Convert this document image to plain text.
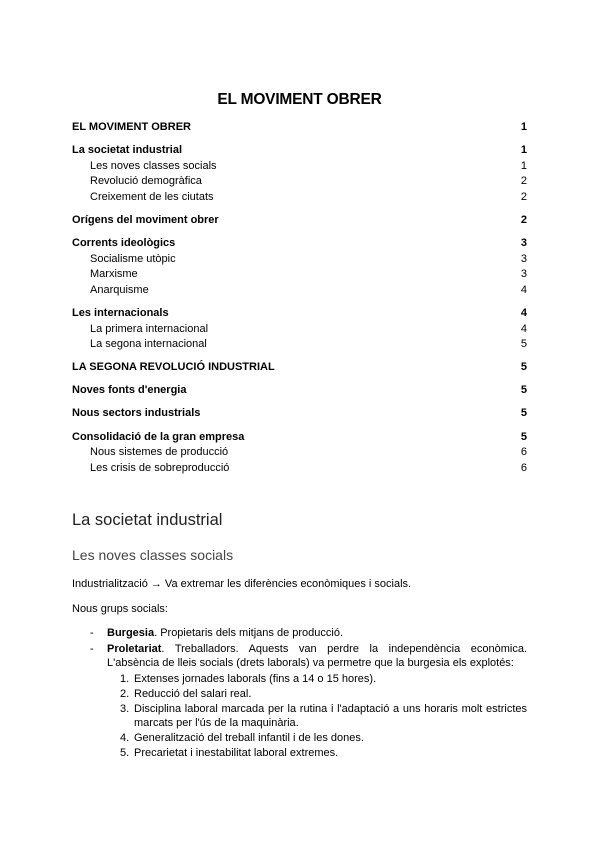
EL MOVIMENT OBRER
EL MOVIMENT OBRER	1
La societat industrial	1
Les noves classes socials	1
Revolució demogràfica	2
Creixement de les ciutats	2
Orígens del moviment obrer	2
Corrents ideològics	3
Socialisme utòpic	3
Marxisme	3
Anarquisme	4
Les internacionals	4
La primera internacional	4
La segona internacional	5
LA SEGONA REVOLUCIÓ INDUSTRIAL	5
Noves fonts d'energia	5
Nous sectors industrials	5
Consolidació de la gran empresa	5
Nous sistemes de producció	6
Les crisis de sobreproducció	6
La societat industrial
Les noves classes socials
Industrialització → Va extremar les diferències econòmiques i socials.
Nous grups socials:
- Burgesia. Propietaris dels mitjans de producció.
- Proletariat. Treballadors. Aquests van perdre la independència econòmica. L'absència de lleis socials (drets laborals) va permetre que la burgesia els explotés:
1. Extenses jornades laborals (fins a 14 o 15 hores).
2. Reducció del salari real.
3. Disciplina laboral marcada per la rutina i l'adaptació a uns horaris molt estrictes marcats per l'ús de la maquinària.
4. Generalització del treball infantil i de les dones.
5. Precarietat i inestabilitat laboral extremes.
